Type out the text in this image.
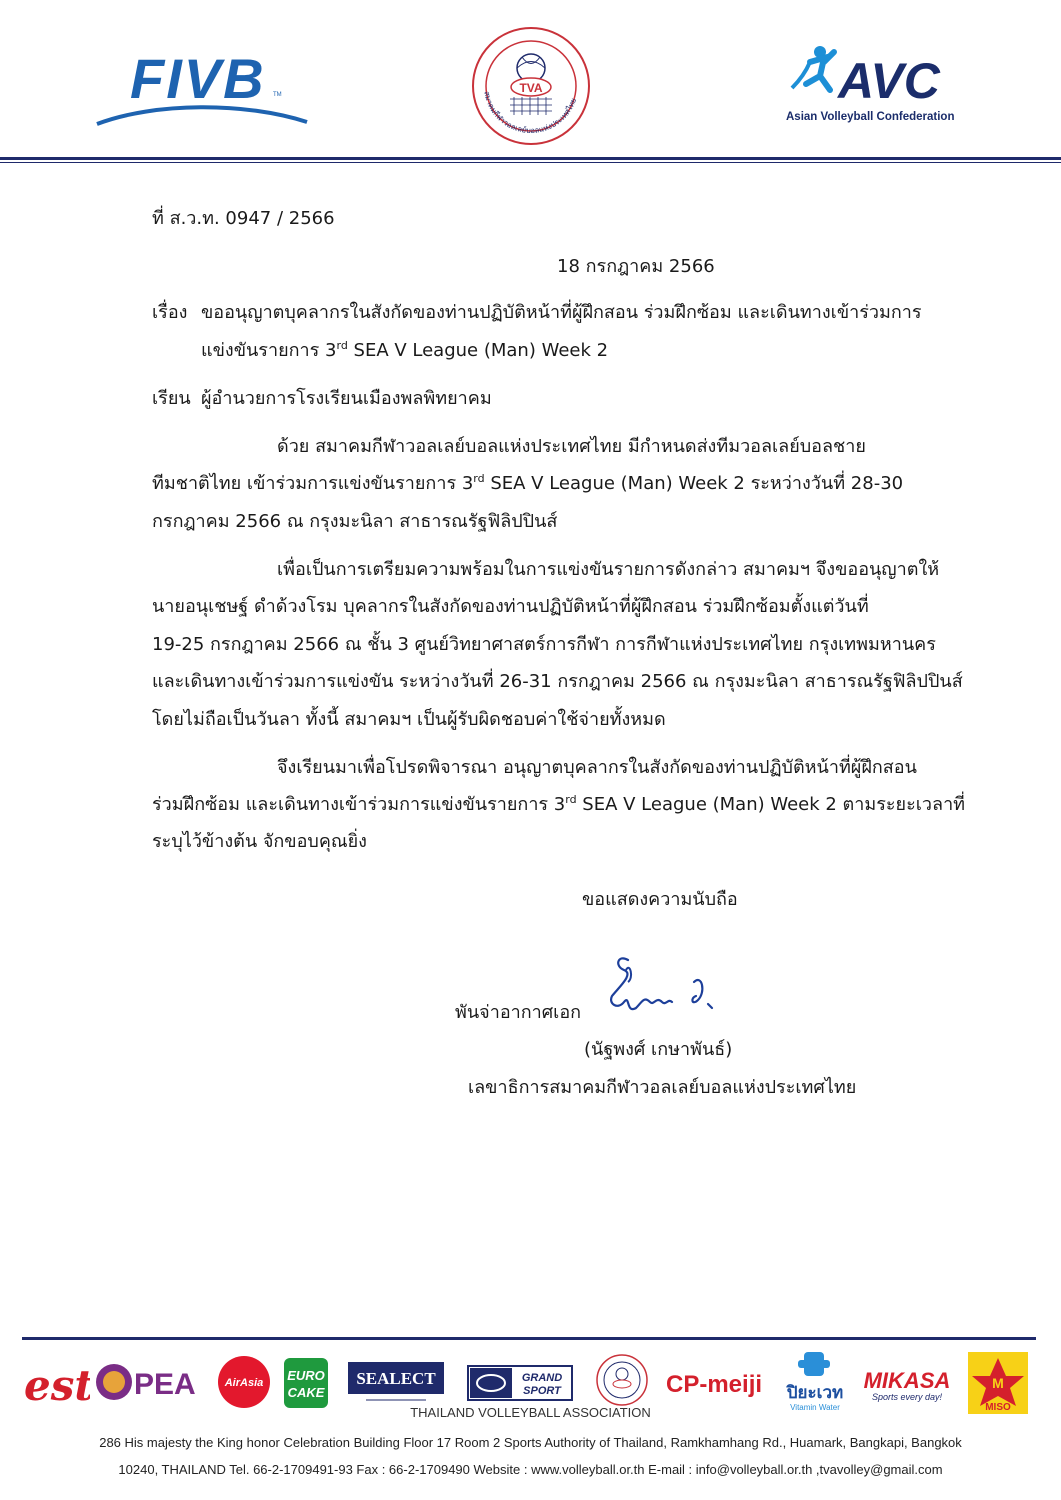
FIVB TM	TVA
สมาคมกีฬาวอลเลย์บอลแห่งประเทศไทย	AVC
Asian Volleyball Confederation
ที่ ส.ว.ท. 0947 / 2566
18 กรกฎาคม 2566
เรื่อง ขออนุญาตบุคลากรในสังกัดของท่านปฏิบัติหน้าที่ผู้ฝึกสอน ร่วมฝึกซ้อม และเดินทางเข้าร่วมการ
แข่งขันรายการ 3rd SEA V League (Man) Week 2
เรียน ผู้อำนวยการโรงเรียนเมืองพลพิทยาคม
ด้วย สมาคมกีฬาวอลเลย์บอลแห่งประเทศไทย มีกำหนดส่งทีมวอลเลย์บอลชาย
ทีมชาติไทย เข้าร่วมการแข่งขันรายการ 3rd SEA V League (Man) Week 2 ระหว่างวันที่ 28-30
กรกฎาคม 2566 ณ กรุงมะนิลา สาธารณรัฐฟิลิปปินส์
เพื่อเป็นการเตรียมความพร้อมในการแข่งขันรายการดังกล่าว สมาคมฯ จึงขออนุญาตให้
นายอนุเชษฐ์ ดำด้วงโรม บุคลากรในสังกัดของท่านปฏิบัติหน้าที่ผู้ฝึกสอน ร่วมฝึกซ้อมตั้งแต่วันที่
19-25 กรกฎาคม 2566 ณ ชั้น 3 ศูนย์วิทยาศาสตร์การกีฬา การกีฬาแห่งประเทศไทย กรุงเทพมหานคร
และเดินทางเข้าร่วมการแข่งขัน ระหว่างวันที่ 26-31 กรกฎาคม 2566 ณ กรุงมะนิลา สาธารณรัฐฟิลิปปินส์
โดยไม่ถือเป็นวันลา ทั้งนี้ สมาคมฯ เป็นผู้รับผิดชอบค่าใช้จ่ายทั้งหมด
จึงเรียนมาเพื่อโปรดพิจารณา อนุญาตบุคลากรในสังกัดของท่านปฏิบัติหน้าที่ผู้ฝึกสอน
ร่วมฝึกซ้อม และเดินทางเข้าร่วมการแข่งขันรายการ 3rd SEA V League (Man) Week 2 ตามระยะเวลาที่
ระบุไว้ข้างต้น จักขอบคุณยิ่ง
ขอแสดงความนับถือ
พันจ่าอากาศเอก
(นัฐพงศ์ เกษาพันธ์)
เลขาธิการสมาคมกีฬาวอลเลย์บอลแห่งประเทศไทย
est PEA	AirAsia EURO
CAKE
SEALECT	GRAND
SPORT	CP-meiji ปิยะเวท
Vitamin Water
MIKASA
Sports every day!
M
MISO
THAILAND VOLLEYBALL ASSOCIATION
286 His majesty the King honor Celebration Building Floor 17 Room 2 Sports Authority of Thailand, Ramkhamhang Rd., Huamark, Bangkapi, Bangkok
10240, THAILAND Tel. 66-2-1709491-93 Fax : 66-2-1709490 Website : www.volleyball.or.th E-mail : info@volleyball.or.th ,tvavolley@gmail.com
